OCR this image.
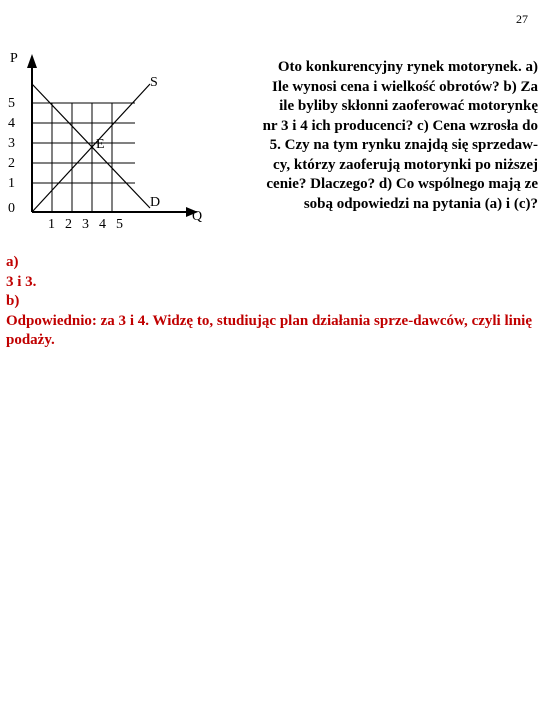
27
P
S
D
E
5
4
3
2
1
0
1 2 3 4 5
Q
Oto konkurencyjny rynek motorynek. a)
Ile wynosi cena i wielkość obrotów? b) Za
ile byliby skłonni zaoferować motorynkę
nr 3 i 4 ich producenci? c) Cena wzrosła do
5. Czy na tym rynku znajdą się sprzedaw-
cy, którzy zaoferują motorynki po niższej
cenie? Dlaczego? d) Co wspólnego mają ze
sobą odpowiedzi na pytania (a) i (c)?

a)

3 i 3.

b)

Odpowiednio: za 3 i 4. Widzę to, studiując plan działania sprze-dawców, czyli linię podaży.
